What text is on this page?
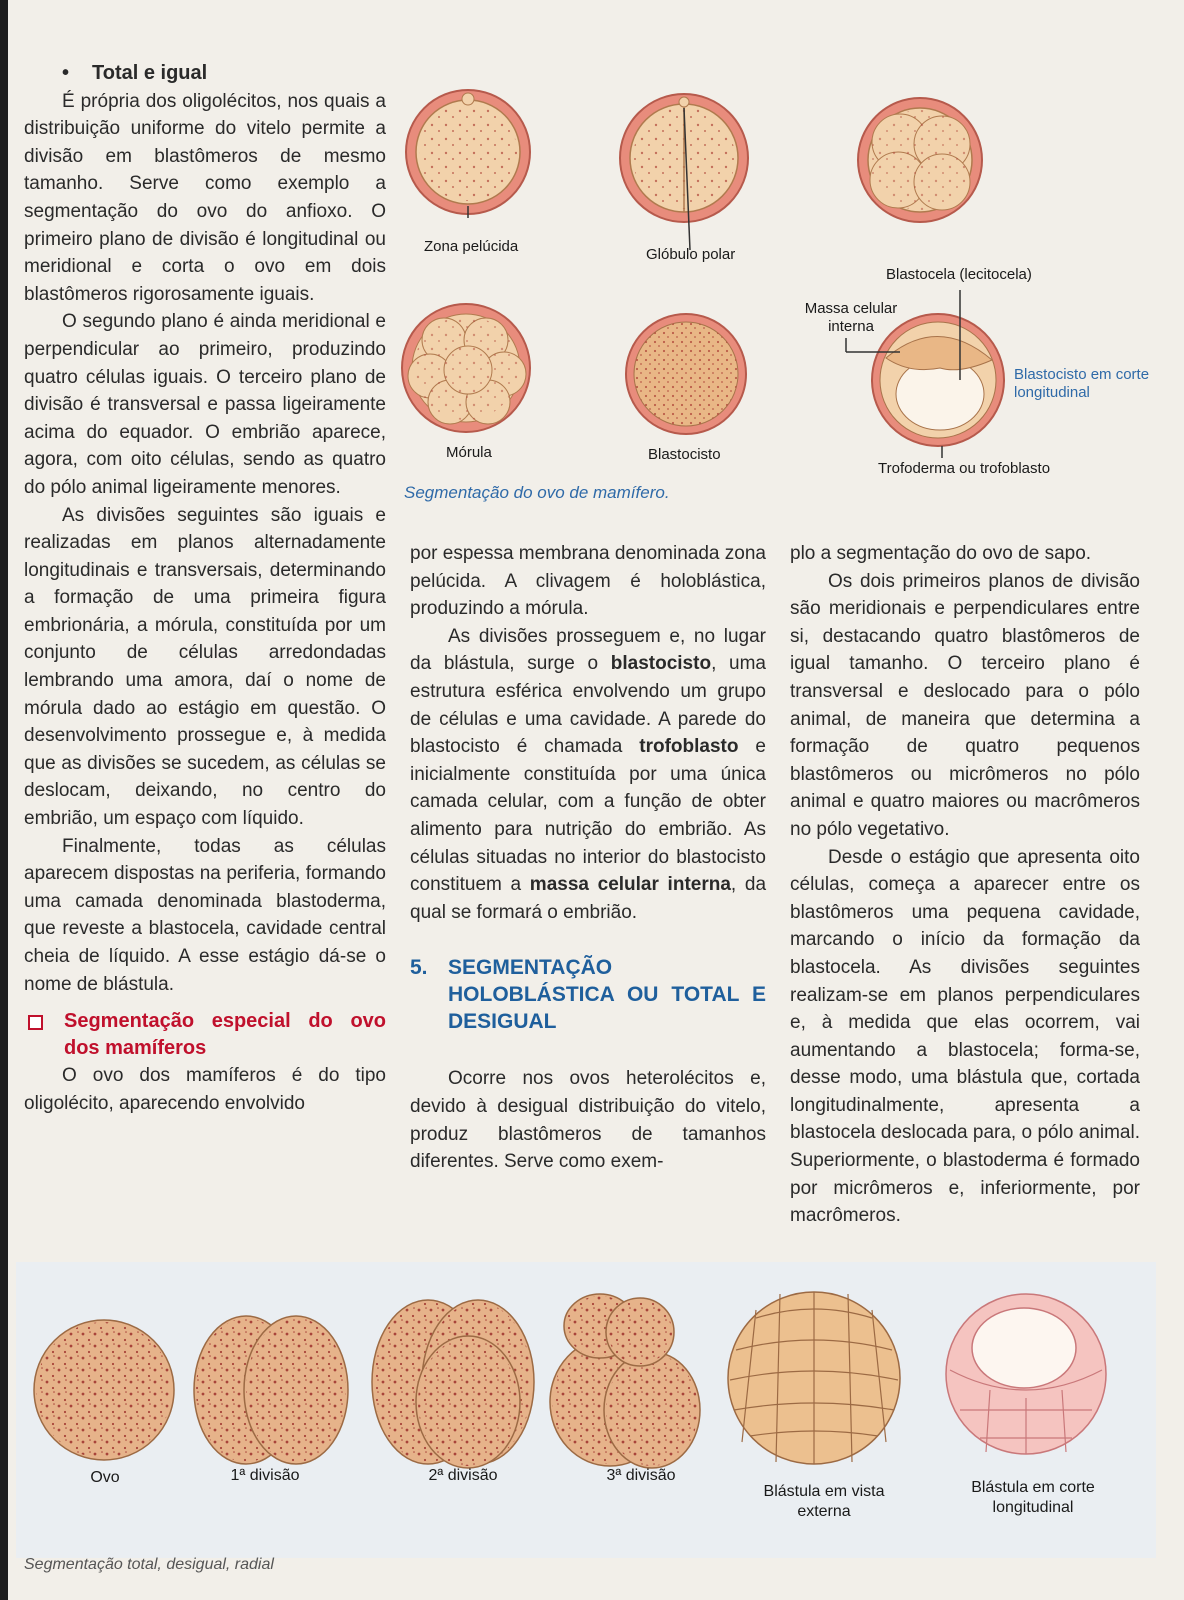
• Total e igual

É própria dos oligolécitos, nos quais a distribuição uniforme do vitelo permite a divisão em blastômeros de mesmo tamanho. Serve como exemplo a segmentação do ovo do anfioxo. O primeiro plano de divisão é longitudinal ou meridional e corta o ovo em dois blastômeros rigorosamente iguais.

O segundo plano é ainda meridional e perpendicular ao primeiro, produzindo quatro células iguais. O terceiro plano de divisão é transversal e passa ligeiramente acima do equador. O embrião aparece, agora, com oito células, sendo as quatro do pólo animal ligeiramente menores.

As divisões seguintes são iguais e realizadas em planos alternadamente longitudinais e transversais, determinando a formação de uma primeira figura embrionária, a mórula, constituída por um conjunto de células arredondadas lembrando uma amora, daí o nome de mórula dado ao estágio em questão. O desenvolvimento prossegue e, à medida que as divisões se sucedem, as células se deslocam, deixando, no centro do embrião, um espaço com líquido.

Finalmente, todas as células aparecem dispostas na periferia, formando uma camada denominada blastoderma, que reveste a blastocela, cavidade central cheia de líquido. A esse estágio dá-se o nome de blástula.

Segmentação especial do ovo dos mamíferos

O ovo dos mamíferos é do tipo oligolécito, aparecendo envolvido

por espessa membrana denominada zona pelúcida. A clivagem é holoblástica, produzindo a mórula.

As divisões prosseguem e, no lugar da blástula, surge o blastocisto, uma estrutura esférica envolvendo um grupo de células e uma cavidade. A parede do blastocisto é chamada trofoblasto e inicialmente constituída por uma única camada celular, com a função de obter alimento para nutrição do embrião. As células situadas no interior do blastocisto constituem a massa celular interna, da qual se formará o embrião.

5. SEGMENTAÇÃO HOLOBLÁSTICA OU TOTAL E DESIGUAL

Ocorre nos ovos heterolécitos e, devido à desigual distribuição do vitelo, produz blastômeros de tamanhos diferentes. Serve como exem-

plo a segmentação do ovo de sapo.

Os dois primeiros planos de divisão são meridionais e perpendiculares entre si, destacando quatro blastômeros de igual tamanho. O terceiro plano é transversal e deslocado para o pólo animal, de maneira que determina a formação de quatro pequenos blastômeros ou micrômeros no pólo animal e quatro maiores ou macrômeros no pólo vegetativo.

Desde o estágio que apresenta oito células, começa a aparecer entre os blastômeros uma pequena cavidade, marcando o início da formação da blastocela. As divisões seguintes realizam-se em planos perpendiculares e, à medida que elas ocorrem, vai aumentando a blastocela; forma-se, desse modo, uma blástula que, cortada longitudinalmente, apresenta a blastocela deslocada para, o pólo animal. Superiormente, o blastoderma é formado por micrômeros e, inferiormente, por macrômeros.

Zona pelúcida	Glóbulo polar
Mórula	Blastocisto
Blastocela (lecitocela)
Massa celular interna
Blastocisto em corte longitudinal
Trofoderma ou trofoblasto
Segmentação do ovo de mamífero.
Ovo	1ª divisão	2ª divisão	3ª divisão
Blástula em vista externa
Blástula em corte longitudinal
Segmentação total, desigual, radial
